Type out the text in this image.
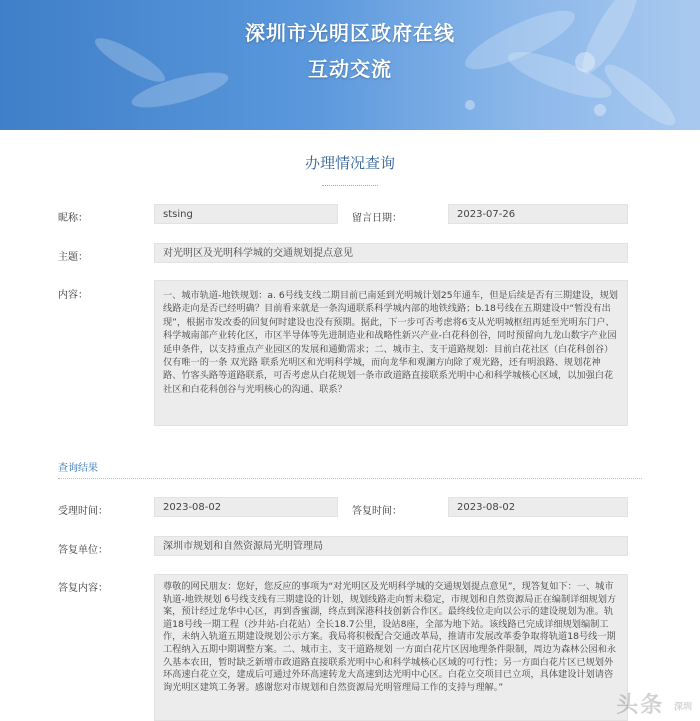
深圳市光明区政府在线
互动交流
办理情况查询
昵称：	stsing	留言日期：	2023-07-26
主题：	对光明区及光明科学城的交通规划提点意见
内容：	一、城市轨道-地铁规划：a. 6号线支线二期目前已南延到光明城计划25年通车，但是后续是否有三期建设，规划线路走向是否已经明确？目前看来就是一条沟通联系科学城内部的地铁线路；b.18号线在五期建设中“暂没有出现”，根据市发改委的回复何时建设也没有预期。据此，下一步可否考虑将6支从光明城枢纽再延至光明东门户、科学城南部产业转化区，市区半导体等先进制造业和战略性新兴产业-白花科创谷，同时预留向九龙山数字产业园延申条件，以支持重点产业园区的发展和通勤需求；二、城市主、支干道路规划：目前白花社区（白花科创谷）仅有唯一的一条 双光路 联系光明区和光明科学城，而向龙华和观澜方向除了观光路，还有明浪路、规划花神路、竹客头路等道路联系，可否考虑从白花规划一条市政道路直接联系光明中心和科学城核心区域，以加强白花社区和白花科创谷与光明核心的沟通、联系？
查询结果
受理时间：	2023-08-02	答复时间：	2023-08-02
答复单位：	深圳市规划和自然资源局光明管理局
答复内容：	尊敬的网民朋友：您好，您反应的事项为“对光明区及光明科学城的交通规划提点意见”，现答复如下：一、城市轨道-地铁规划 6号线支线有三期建设的计划，规划线路走向暂未稳定，市规划和自然资源局正在编制详细规划方案，预计经过龙华中心区，再到香蜜湖，终点到深港科技创新合作区。最终线位走向以公示的建设规划为准。轨道18号线一期工程（沙井站-白花站）全长18.7公里，设站8座，全部为地下站。该线路已完成详细规划编制工作，未纳入轨道五期建设规划公示方案。我局将积极配合交通改革局，推请市发展改革委争取将轨道18号线一期工程纳入五期中期调整方案。二、城市主、支干道路规划 一方面白花片区因地理条件限制，周边为森林公园和永久基本农田，暂时缺乏新增市政道路直接联系光明中心和科学城核心区域的可行性；另一方面白花片区已规划外环高速白花立交，建成后可通过外环高速转龙大高速到达光明中心区。白花立交项目已立项，具体建设计划请咨询光明区建筑工务署。感谢您对市规划和自然资源局光明管理局工作的支持与理解。”
头条 深圳
